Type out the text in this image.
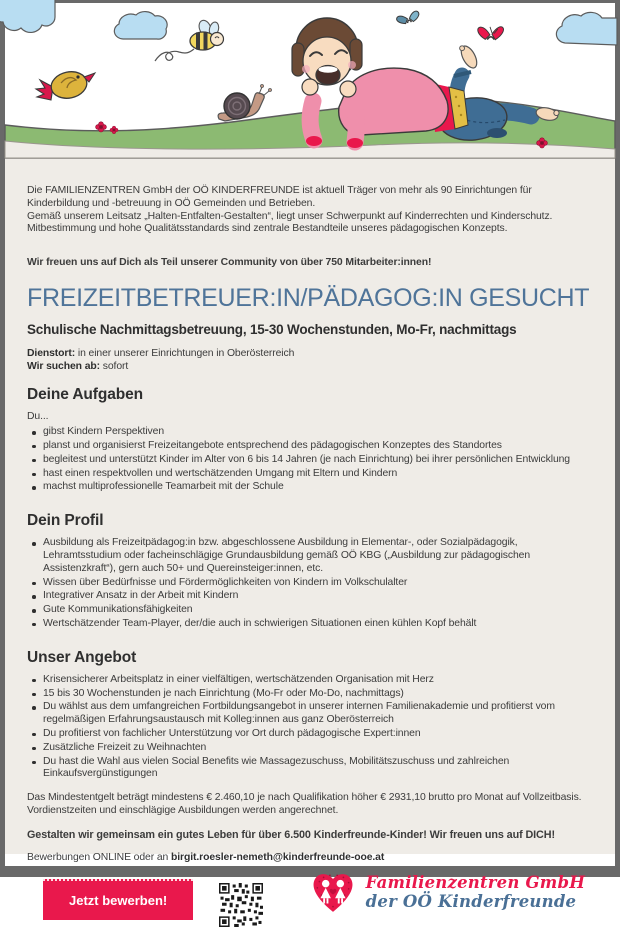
Die FAMILIENZENTREN GmbH der OÖ KINDERFREUNDE ist aktuell Träger von mehr als 90 Einrichtungen für Kinderbildung und -betreuung in OÖ Gemeinden und Betrieben.
Gemäß unserem Leitsatz „Halten-Entfalten-Gestalten“, liegt unser Schwerpunkt auf Kinderrechten und Kinderschutz.
Mitbestimmung und hohe Qualitätsstandards sind zentrale Bestandteile unseres pädagogischen Konzepts.

Wir freuen uns auf Dich als Teil unserer Community von über 750 Mitarbeiter:innen!

FREIZEITBETREUER:IN/PÄDAGOG:IN GESUCHT

Schulische Nachmittagsbetreuung, 15-30 Wochenstunden, Mo-Fr, nachmittags

Dienstort: in einer unserer Einrichtungen in Oberösterreich

Wir suchen ab: sofort

Deine Aufgaben

Du...

gibst Kindern Perspektiven
planst und organisierst Freizeitangebote entsprechend des pädagogischen Konzeptes des Standortes
begleitest und unterstützt Kinder im Alter von 6 bis 14 Jahren (je nach Einrichtung) bei ihrer persönlichen Entwicklung
hast einen respektvollen und wertschätzenden Umgang mit Eltern und Kindern
machst multiprofessionelle Teamarbeit mit der Schule
Dein Profil
Ausbildung als Freizeitpädagog:in bzw. abgeschlossene Ausbildung in Elementar-, oder Sozialpädagogik, Lehramtsstudium oder facheinschlägige Grundausbildung gemäß OÖ KBG („Ausbildung zur pädagogischen Assistenzkraft“), gern auch 50+ und Quereinsteiger:innen, etc.
Wissen über Bedürfnisse und Fördermöglichkeiten von Kindern im Volkschulalter
Integrativer Ansatz in der Arbeit mit Kindern
Gute Kommunikationsfähigkeiten
Wertschätzender Team-Player, der/die auch in schwierigen Situationen einen kühlen Kopf behält
Unser Angebot
Krisensicherer Arbeitsplatz in einer vielfältigen, wertschätzenden Organisation mit Herz
15 bis 30 Wochenstunden je nach Einrichtung (Mo-Fr oder Mo-Do, nachmittags)
Du wählst aus dem umfangreichen Fortbildungsangebot in unserer internen Familienakademie und profitierst vom regelmäßigen Erfahrungsaustausch mit Kolleg:innen aus ganz Oberösterreich
Du profitierst von fachlicher Unterstützung vor Ort durch pädagogische Expert:innen
Zusätzliche Freizeit zu Weihnachten
Du hast die Wahl aus vielen Social Benefits wie Massagezuschuss, Mobilitätszuschuss und zahlreichen Einkaufsvergünstigungen

Das Mindestentgelt beträgt mindestens € 2.460,10 je nach Qualifikation höher € 2931,10 brutto pro Monat auf Vollzeitbasis. Vordienstzeiten und einschlägige Ausbildungen werden angerechnet.

Gestalten wir gemeinsam ein gutes Leben für über 6.500 Kinderfreunde-Kinder! Wir freuen uns auf DICH!

Bewerbungen ONLINE oder an birgit.roesler-nemeth@kinderfreunde-ooe.at

Jetzt bewerben!
Familienzentren GmbH
der OÖ Kinderfreunde
